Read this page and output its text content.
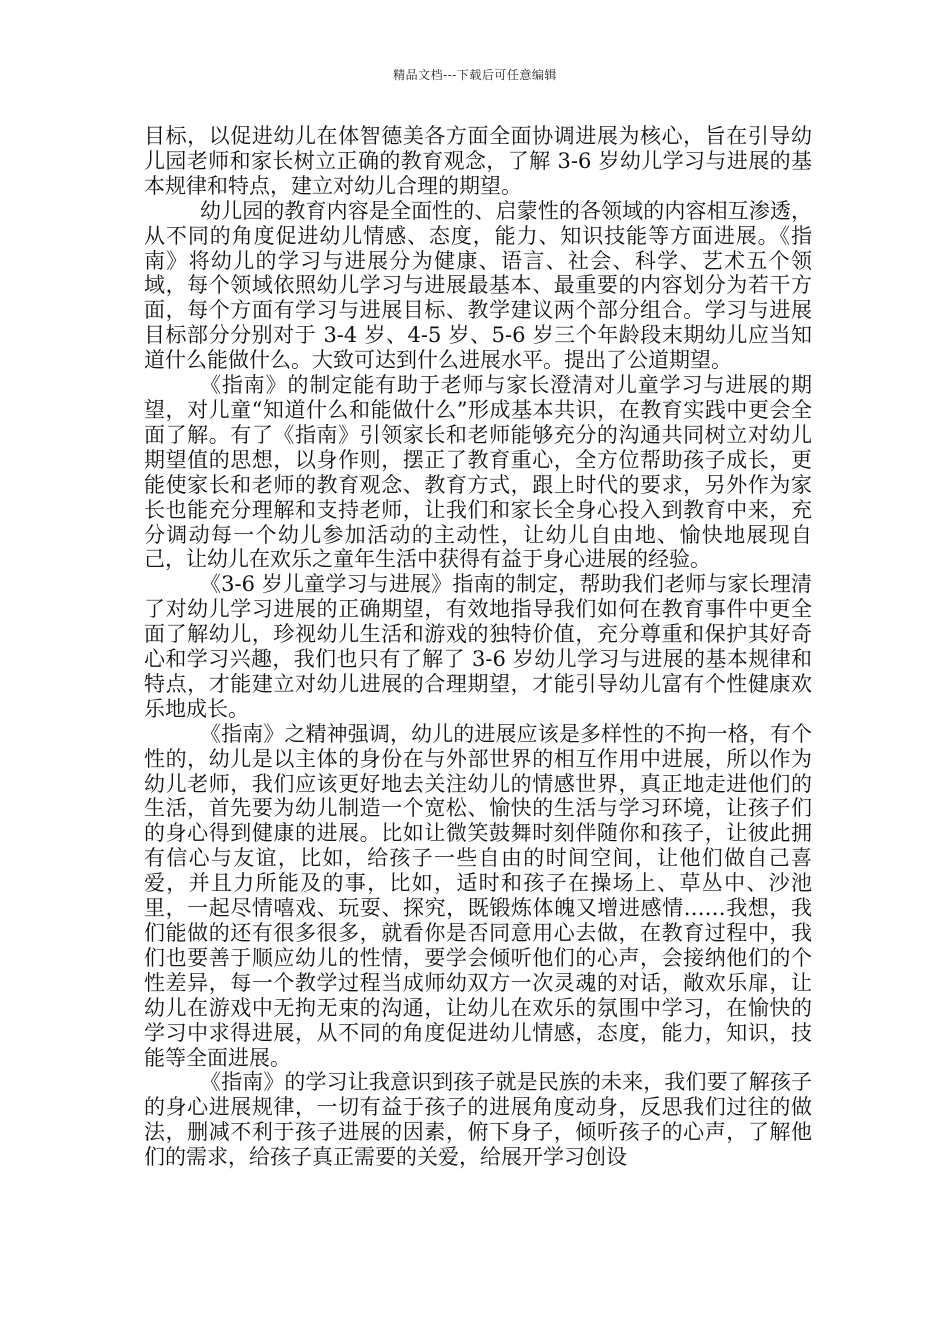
精品文档---下载后可任意编辑

目标，以促进幼儿在体智德美各方面全面协调进展为核心，旨在引导幼儿园老师和家长树立正确的教育观念，了解 3-6 岁幼儿学习与进展的基本规律和特点，建立对幼儿合理的期望。

幼儿园的教育内容是全面性的、启蒙性的各领域的内容相互渗透，从不同的角度促进幼儿情感、态度，能力、知识技能等方面进展。《指南》将幼儿的学习与进展分为健康、语言、社会、科学、艺术五个领域，每个领域依照幼儿学习与进展最基本、最重要的内容划分为若干方面，每个方面有学习与进展目标、教学建议两个部分组合。学习与进展目标部分分别对于 3-4 岁、4-5 岁、5-6 岁三个年龄段末期幼儿应当知道什么能做什么。大致可达到什么进展水平。提出了公道期望。

《指南》的制定能有助于老师与家长澄清对儿童学习与进展的期望，对儿童“知道什么和能做什么”形成基本共识，在教育实践中更会全面了解。有了《指南》引领家长和老师能够充分的沟通共同树立对幼儿期望值的思想，以身作则，摆正了教育重心，全方位帮助孩子成长，更能使家长和老师的教育观念、教育方式，跟上时代的要求，另外作为家长也能充分理解和支持老师，让我们和家长全身心投入到教育中来，充分调动每一个幼儿参加活动的主动性，让幼儿自由地、愉快地展现自己，让幼儿在欢乐之童年生活中获得有益于身心进展的经验。

《3-6 岁儿童学习与进展》指南的制定，帮助我们老师与家长理清了对幼儿学习进展的正确期望，有效地指导我们如何在教育事件中更全面了解幼儿，珍视幼儿生活和游戏的独特价值，充分尊重和保护其好奇心和学习兴趣，我们也只有了解了 3-6 岁幼儿学习与进展的基本规律和特点，才能建立对幼儿进展的合理期望，才能引导幼儿富有个性健康欢乐地成长。

《指南》之精神强调，幼儿的进展应该是多样性的不拘一格，有个性的，幼儿是以主体的身份在与外部世界的相互作用中进展，所以作为幼儿老师，我们应该更好地去关注幼儿的情感世界，真正地走进他们的生活，首先要为幼儿制造一个宽松、愉快的生活与学习环境，让孩子们的身心得到健康的进展。比如让微笑鼓舞时刻伴随你和孩子，让彼此拥有信心与友谊，比如，给孩子一些自由的时间空间，让他们做自己喜爱，并且力所能及的事，比如，适时和孩子在操场上、草丛中、沙池里，一起尽情嘻戏、玩耍、探究，既锻炼体魄又增进感情……我想，我们能做的还有很多很多，就看你是否同意用心去做，在教育过程中，我们也要善于顺应幼儿的性情，要学会倾听他们的心声，会接纳他们的个性差异，每一个教学过程当成师幼双方一次灵魂的对话，敞欢乐扉，让幼儿在游戏中无拘无束的沟通，让幼儿在欢乐的氛围中学习，在愉快的学习中求得进展，从不同的角度促进幼儿情感，态度，能力，知识，技能等全面进展。

《指南》的学习让我意识到孩子就是民族的未来，我们要了解孩子的身心进展规律，一切有益于孩子的进展角度动身，反思我们过往的做法，删减不利于孩子进展的因素，俯下身子，倾听孩子的心声，了解他们的需求，给孩子真正需要的关爱，给展开学习创设
